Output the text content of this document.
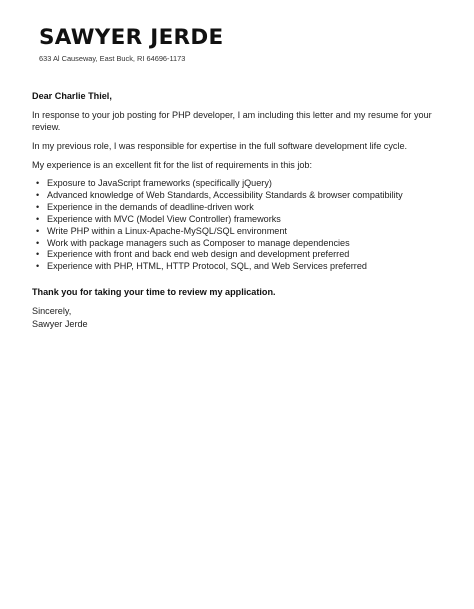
SAWYER JERDE
633 Al Causeway, East Buck, RI 64696-1173

Dear Charlie Thiel,

In response to your job posting for PHP developer, I am including this letter and my resume for your review.

In my previous role, I was responsible for expertise in the full software development life cycle.

My experience is an excellent fit for the list of requirements in this job:

• Exposure to JavaScript frameworks (specifically jQuery)
• Advanced knowledge of Web Standards, Accessibility Standards & browser compatibility
• Experience in the demands of deadline-driven work
• Experience with MVC (Model View Controller) frameworks
• Write PHP within a Linux-Apache-MySQL/SQL environment
• Work with package managers such as Composer to manage dependencies
• Experience with front and back end web design and development preferred
• Experience with PHP, HTML, HTTP Protocol, SQL, and Web Services preferred

Thank you for taking your time to review my application.

Sincerely,

Sawyer Jerde
